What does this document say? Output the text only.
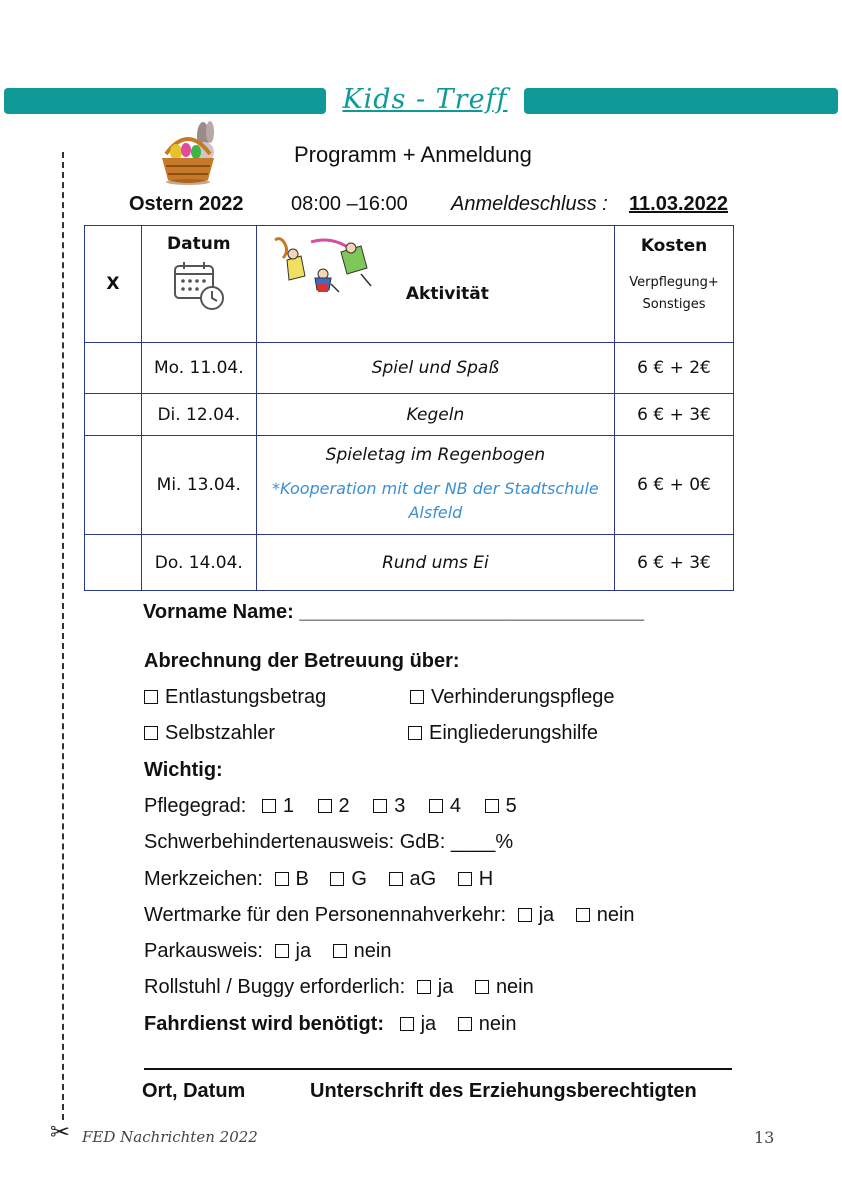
Kids - Treff
✂
Programm + Anmeldung
Ostern 2022 08:00 –16:00 Anmeldeschluss : 11.03.2022
X	Datum	Aktivität	Kosten
Verpflegung+
Sonstiges

	Mo. 11.04.	Spiel und Spaß	6 € + 2€
	Di. 12.04.	Kegeln	6 € + 3€
	Mi. 13.04.	Spieletag im Regenbogen
*Kooperation mit der NB der Stadtschule Alsfeld	6 € + 0€
	Do. 14.04.	Rund ums Ei	6 € + 3€
Vorname Name: _______________________________
Abrechnung der Betreuung über:
Entlastungsbetrag	Verhinderungspflege
Selbstzahler	Eingliederungshilfe
Wichtig:
Pflegegrad: 1 2 3 4 5
Schwerbehindertenausweis: GdB: ____%
Merkzeichen: B G aG H
Wertmarke für den Personennahverkehr: ja nein
Parkausweis: ja nein
Rollstuhl / Buggy erforderlich: ja nein
Fahrdienst wird benötigt: ja nein
Ort, Datum	Unterschrift des Erziehungsberechtigten
FED Nachrichten 2022	13
